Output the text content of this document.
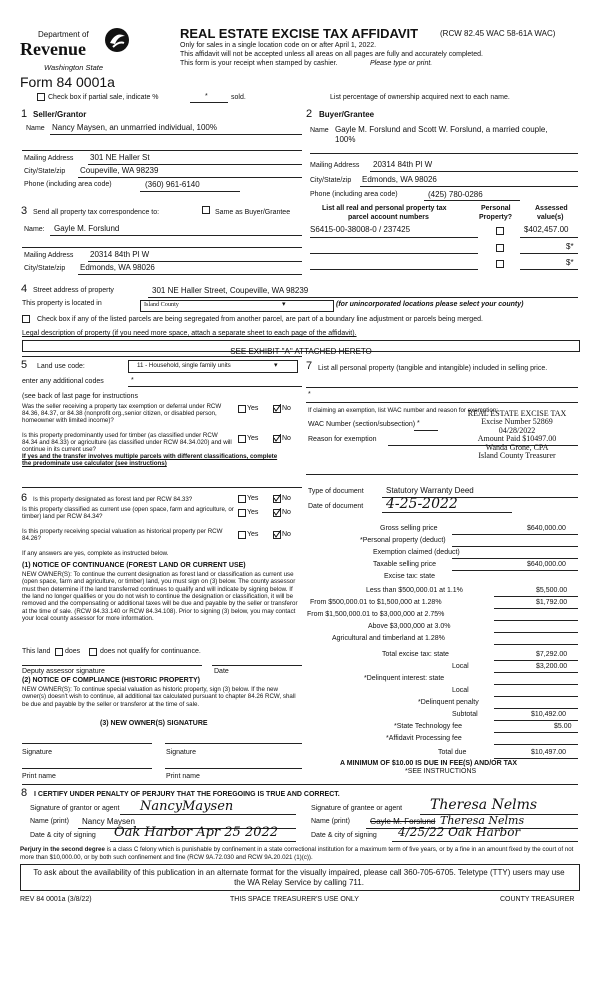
Department of
Revenue
Washington State
Form 84 0001a
REAL ESTATE EXCISE TAX AFFIDAVIT	(RCW 82.45 WAC 58-61A WAC)
Only for sales in a single location code on or after April 1, 2022.
This affidavit will not be accepted unless all areas on all pages are fully and accurately completed.
This form is your receipt when stamped by cashier.	Please type or print.
Check box if partial sale, indicate %	*	sold.	List percentage of ownership acquired next to each name.
1 Seller/Grantor
Name Nancy Maysen, an unmarried individual, 100%
Mailing Address 301 NE Haller St
City/State/zip Coupeville, WA 98239
Phone (including area code)	(360) 961-6140
2 Buyer/Grantee
Name Gayle M. Forslund and Scott W. Forslund, a married couple,
100%
Mailing Address 20314 84th Pl W
City/State/zip Edmonds, WA 98026
Phone (including area code)	(425) 780-0286
3 Send all property tax correspondence to:	Same as Buyer/Grantee
Name: Gayle M. Forslund
Mailing Address 20314 84th Pl W
City/State/zip Edmonds, WA 98026
List all real and personal property tax
parcel account numbers
Personal
Property?
Assessed
value(s)
S6415-00-38008-0 / 237425	$402,457.00
$*
$*
4 Street address of property	301 NE Haller Street, Coupeville, WA 98239
This property is located in	Island County	▾	(for unincorporated locations please select your county)
Check box if any of the listed parcels are being segregated from another parcel, are part of a boundary line adjustment or parcels being merged.
Legal description of property (if you need more space, attach a separate sheet to each page of the affidavit).
SEE EXHIBIT "A" ATTACHED HERETO
5 Land use code:	11 - Household, single family units	▾
enter any additional codes	*
(see back of last page for instructions
Was the seller receiving a property tax exemption or deferral under RCW 84.36, 84.37, or 84.38 (nonprofit org.,senior citizen, or disabled person, homeowner with limited income)?
Yes	No
Is this property predominantly used for timber (as classified under RCW 84.34 and 84.33) or agriculture (as classified under RCW 84.34.020) and will continue in its current use?
Yes	No
If yes and the transfer involves multiple parcels with different classifications, complete the predominate use calculator (see instructions)
6 Is this property designated as forest land per RCW 84.33?	Yes	No
Is this property classified as current use (open space, farm and agriculture, or timber) land per RCW 84.34?
Yes	No
Is this property receiving special valuation as historical property per RCW 84.26?
Yes	No
If any answers are yes, complete as instructed below.
(1) NOTICE OF CONTINUANCE (FOREST LAND OR CURRENT USE)
NEW OWNER(S): To continue the current designation as forest land or classification as current use (open space, farm and agriculture, or timber) land, you must sign on (3) below. The county assessor must then determine if the land transferred continues to qualify and will indicate by signing below. If the land no longer qualifies or you do not wish to continue the designation or classification, it will be removed and the compensating or additional taxes will be due and payable by the seller or transferor at the time of sale. (RCW 84.33.140 or RCW 84.34.108). Prior to signing (3) below, you may contact your local county assessor for more information.
This land does	does not qualify for continuance.
Deputy assessor signature	Date
(2) NOTICE OF COMPLIANCE (HISTORIC PROPERTY)
NEW OWNER(S): To continue special valuation as historic property, sign (3) below. If the new owner(s) doesn't wish to continue, all additional tax calculated pursuant to chapter 84.26 RCW, shall be due and payable by the seller or transferor at the time of sale.
(3) NEW OWNER(S) SIGNATURE
Signature	Signature
Print name	Print name
7 List all personal property (tangible and intangible) included in selling price.
*
If claiming an exemption, list WAC number and reason for exemption:
WAC Number (section/subsection) *
Reason for exemption
REAL ESTATE EXCISE TAX
Excise Number 52869
04/28/2022
Amount Paid $10497.00
Wanda Grone, CPA
Island County Treasurer
Type of document	Statutory Warranty Deed
Date of document 4-25-2022
Gross selling price	$640,000.00
*Personal property (deduct)
Exemption claimed (deduct)
Taxable selling price	$640,000.00
Excise tax: state
Less than $500,000.01 at 1.1%	$5,500.00
From $500,000.01 to $1,500,000 at 1.28%	$1,792.00
From $1,500,000.01 to $3,000,000 at 2.75%
Above $3,000,000 at 3.0%
Agricultural and timberland at 1.28%
Total excise tax: state	$7,292.00
Local	$3,200.00
*Delinquent interest: state
Local
*Delinquent penalty
Subtotal	$10,492.00
*State Technology fee	$5.00
*Affidavit Processing fee
Total due	$10,497.00
A MINIMUM OF $10.00 IS DUE IN FEE(S) AND/OR TAX
*SEE INSTRUCTIONS
8 I CERTIFY UNDER PENALTY OF PERJURY THAT THE FOREGOING IS TRUE AND CORRECT.
Signature of grantor or agent NancyMaysen
Name (print) Nancy Maysen
Date & city of signing Oak Harbor Apr 25 2022
Signature of grantee or agent Theresa Nelms
Name (print)	Gayle M. Forslund Theresa Nelms
Date & city of signing 4/25/22 Oak Harbor
Perjury in the second degree is a class C felony which is punishable by confinement in a state correctional institution for a maximum term of five years, or by a fine in an amount fixed by the court of not more than $10,000.00, or by both such confinement and fine (RCW 9A.72.030 and RCW 9A.20.021 (1)(c)).
To ask about the availability of this publication in an alternate format for the visually impaired, please call 360-705-6705. Teletype (TTY) users may use the WA Relay Service by calling 711.
REV 84 0001a (3/8/22)	THIS SPACE TREASURER'S USE ONLY	COUNTY TREASURER
